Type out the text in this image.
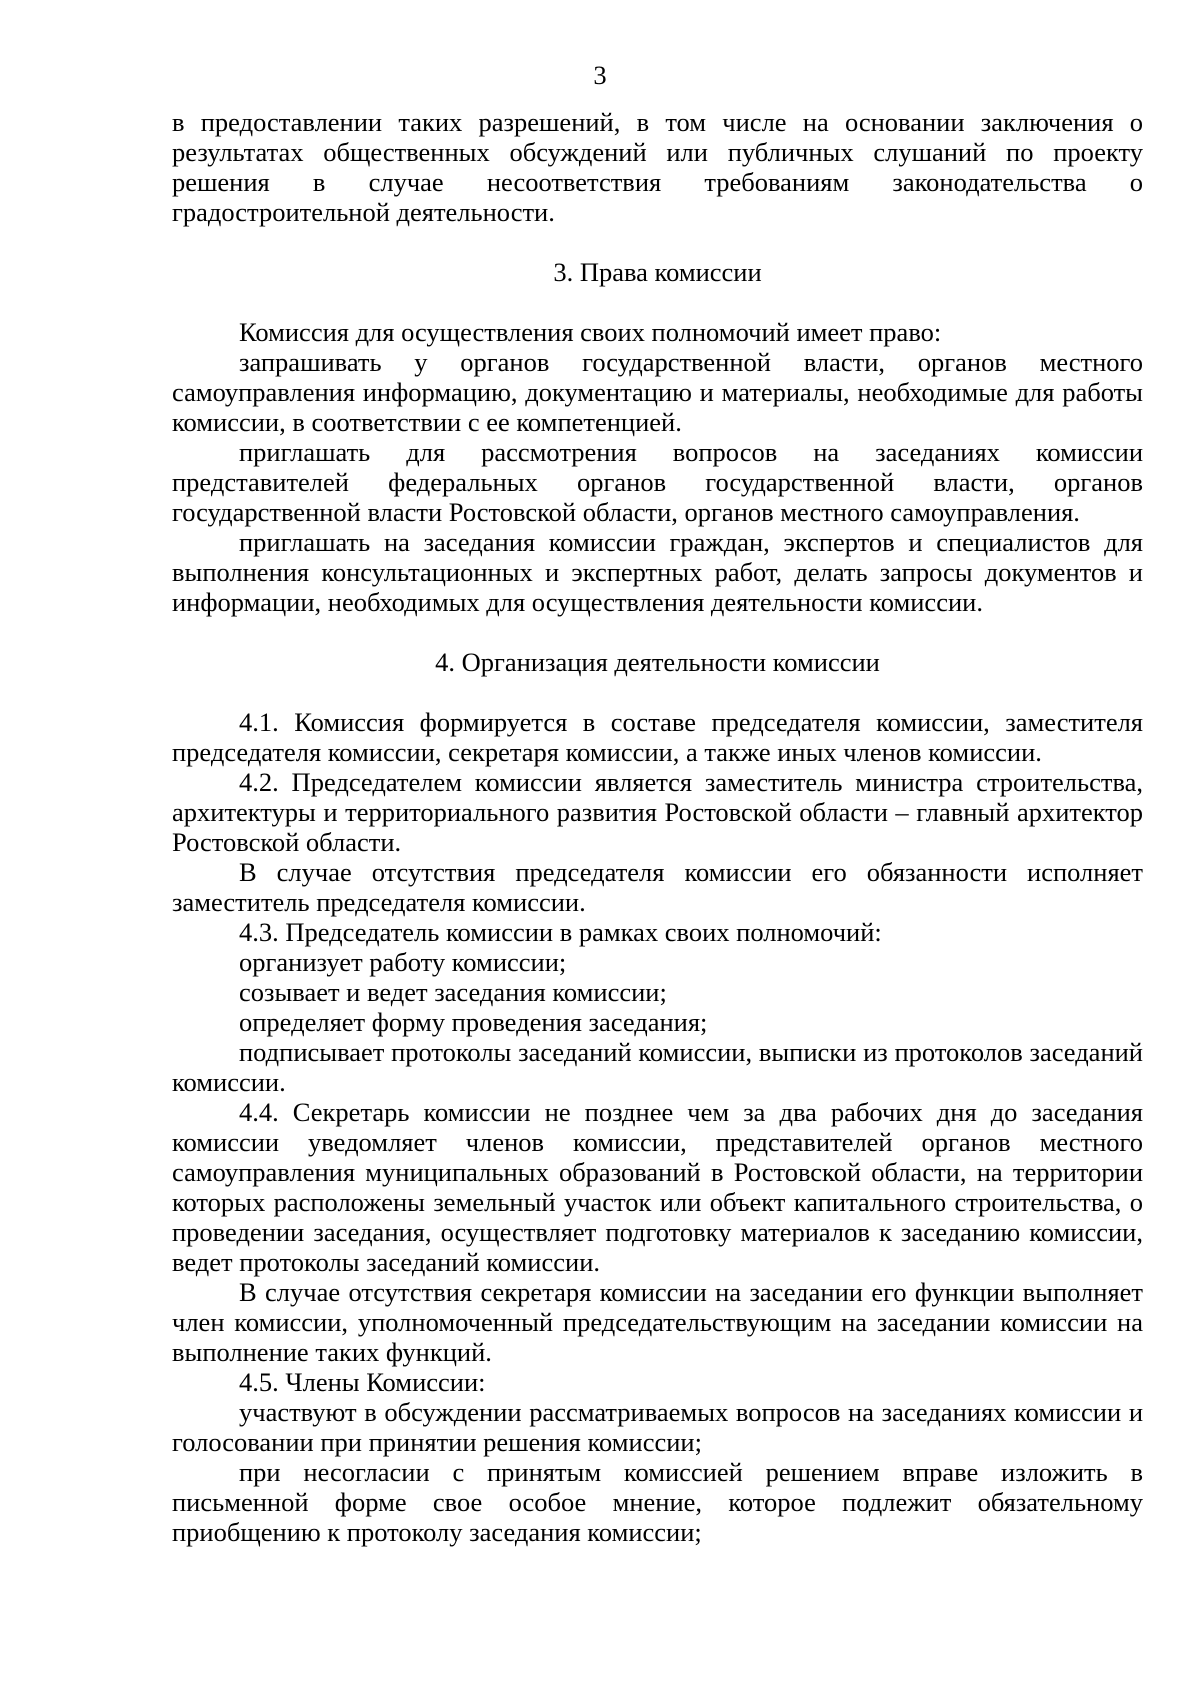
3

в предоставлении таких разрешений, в том числе на основании заключения о результатах общественных обсуждений или публичных слушаний по проекту решения в случае несоответствия требованиям законодательства о градостроительной деятельности.

3. Права комиссии

Комиссия для осуществления своих полномочий имеет право:

запрашивать у органов государственной власти, органов местного самоуправления информацию, документацию и материалы, необходимые для работы комиссии, в соответствии с ее компетенцией.

приглашать для рассмотрения вопросов на заседаниях комиссии представителей федеральных органов государственной власти, органов государственной власти Ростовской области, органов местного самоуправления.

приглашать на заседания комиссии граждан, экспертов и специалистов для выполнения консультационных и экспертных работ, делать запросы документов и информации, необходимых для осуществления деятельности комиссии.

4. Организация деятельности комиссии

4.1. Комиссия формируется в составе председателя комиссии, заместителя председателя комиссии, секретаря комиссии, а также иных членов комиссии.

4.2. Председателем комиссии является заместитель министра строительства, архитектуры и территориального развития Ростовской области – главный архитектор Ростовской области.

В случае отсутствия председателя комиссии его обязанности исполняет заместитель председателя комиссии.

4.3. Председатель комиссии в рамках своих полномочий:

организует работу комиссии;

созывает и ведет заседания комиссии;

определяет форму проведения заседания;

подписывает протоколы заседаний комиссии, выписки из протоколов заседаний комиссии.

4.4. Секретарь комиссии не позднее чем за два рабочих дня до заседания комиссии уведомляет членов комиссии, представителей органов местного самоуправления муниципальных образований в Ростовской области, на территории которых расположены земельный участок или объект капитального строительства, о проведении заседания, осуществляет подготовку материалов к заседанию комиссии, ведет протоколы заседаний комиссии.

В случае отсутствия секретаря комиссии на заседании его функции выполняет член комиссии, уполномоченный председательствующим на заседании комиссии на выполнение таких функций.

4.5. Члены Комиссии:

участвуют в обсуждении рассматриваемых вопросов на заседаниях комиссии и голосовании при принятии решения комиссии;

при несогласии с принятым комиссией решением вправе изложить в письменной форме свое особое мнение, которое подлежит обязательному приобщению к протоколу заседания комиссии;
